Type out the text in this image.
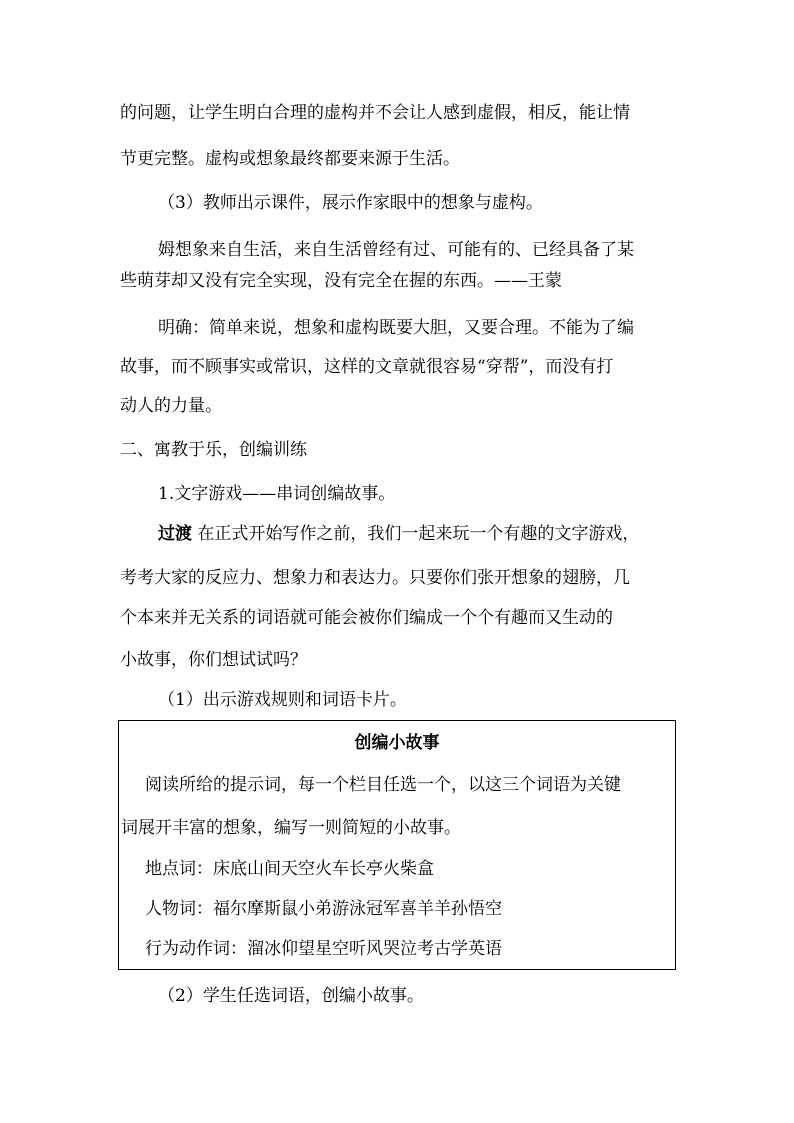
的问题，让学生明白合理的虚构并不会让人感到虚假，相反，能让情
节更完整。虚构或想象最终都要来源于生活。
（3）教师出示课件，展示作家眼中的想象与虚构。
姆想象来自生活，来自生活曾经有过、可能有的、已经具备了某
些萌芽却又没有完全实现，没有完全在握的东西。——王蒙
明确：简单来说，想象和虚构既要大胆，又要合理。不能为了编
故事，而不顾事实或常识，这样的文章就很容易“穿帮”，而没有打
动人的力量。
二、寓教于乐，创编训练
1.文字游戏——串词创编故事。
过渡 在正式开始写作之前，我们一起来玩一个有趣的文字游戏，
考考大家的反应力、想象力和表达力。只要你们张开想象的翅膀，几
个本来并无关系的词语就可能会被你们编成一个个有趣而又生动的
小故事，你们想试试吗？
（1）出示游戏规则和词语卡片。
创编小故事
阅读所给的提示词，每一个栏目任选一个，以这三个词语为关键
词展开丰富的想象，编写一则简短的小故事。
地点词：床底山间天空火车长亭火柴盒
人物词：福尔摩斯鼠小弟游泳冠军喜羊羊孙悟空
行为动作词：溜冰仰望星空听风哭泣考古学英语
（2）学生任选词语，创编小故事。
